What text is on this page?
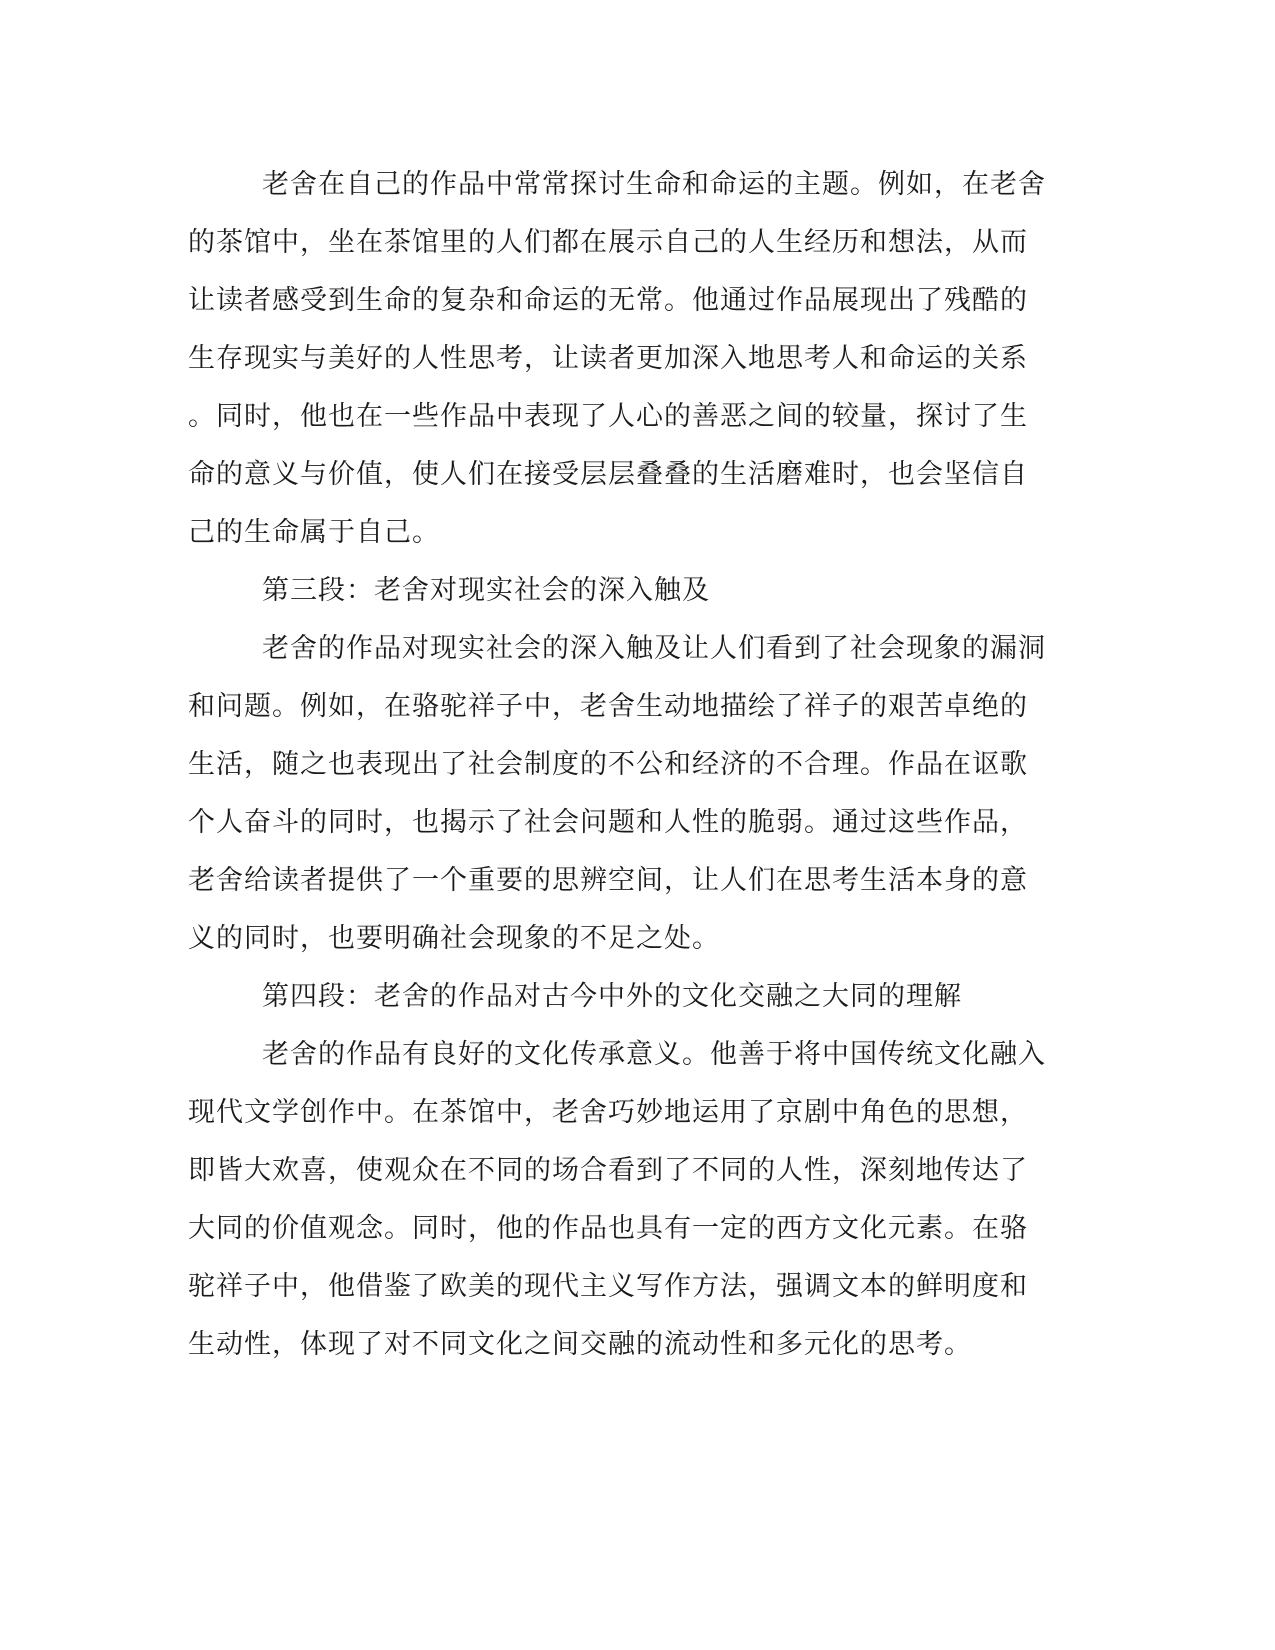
老舍在自己的作品中常常探讨生命和命运的主题。例如，在老舍
的茶馆中，坐在茶馆里的人们都在展示自己的人生经历和想法，从而
让读者感受到生命的复杂和命运的无常。他通过作品展现出了残酷的
生存现实与美好的人性思考，让读者更加深入地思考人和命运的关系
。同时，他也在一些作品中表现了人心的善恶之间的较量，探讨了生
命的意义与价值，使人们在接受层层叠叠的生活磨难时，也会坚信自
己的生命属于自己。
第三段：老舍对现实社会的深入触及
老舍的作品对现实社会的深入触及让人们看到了社会现象的漏洞
和问题。例如，在骆驼祥子中，老舍生动地描绘了祥子的艰苦卓绝的
生活，随之也表现出了社会制度的不公和经济的不合理。作品在讴歌
个人奋斗的同时，也揭示了社会问题和人性的脆弱。通过这些作品，
老舍给读者提供了一个重要的思辨空间，让人们在思考生活本身的意
义的同时，也要明确社会现象的不足之处。
第四段：老舍的作品对古今中外的文化交融之大同的理解
老舍的作品有良好的文化传承意义。他善于将中国传统文化融入
现代文学创作中。在茶馆中，老舍巧妙地运用了京剧中角色的思想，
即皆大欢喜，使观众在不同的场合看到了不同的人性，深刻地传达了
大同的价值观念。同时，他的作品也具有一定的西方文化元素。在骆
驼祥子中，他借鉴了欧美的现代主义写作方法，强调文本的鲜明度和
生动性，体现了对不同文化之间交融的流动性和多元化的思考。
